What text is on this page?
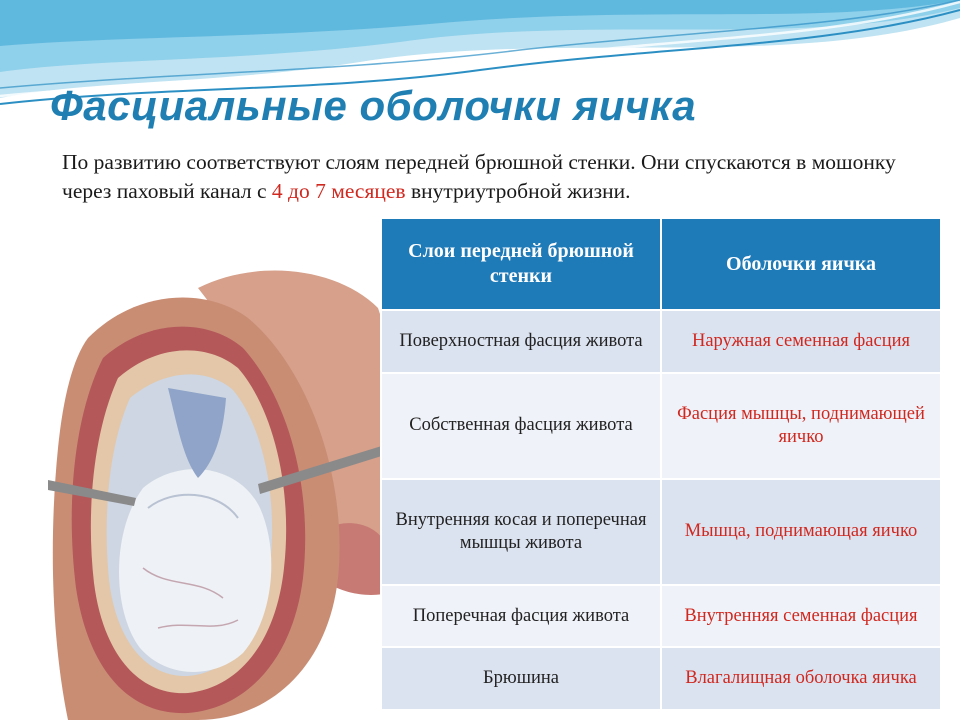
Фасциальные оболочки яичка
По развитию соответствуют слоям передней брюшной стенки. Они спускаются в мошонку через паховый канал с 4 до 7 месяцев внутриутробной жизни.
Слои передней брюшной стенки	Оболочки яичка
Поверхностная фасция живота	Наружная семенная фасция
Собственная фасция живота	Фасция мышцы, поднимающей яичко
Внутренняя косая и поперечная мышцы живота	Мышца, поднимающая яичко
Поперечная фасция живота	Внутренняя семенная фасция
Брюшина	Влагалищная оболочка яичка
